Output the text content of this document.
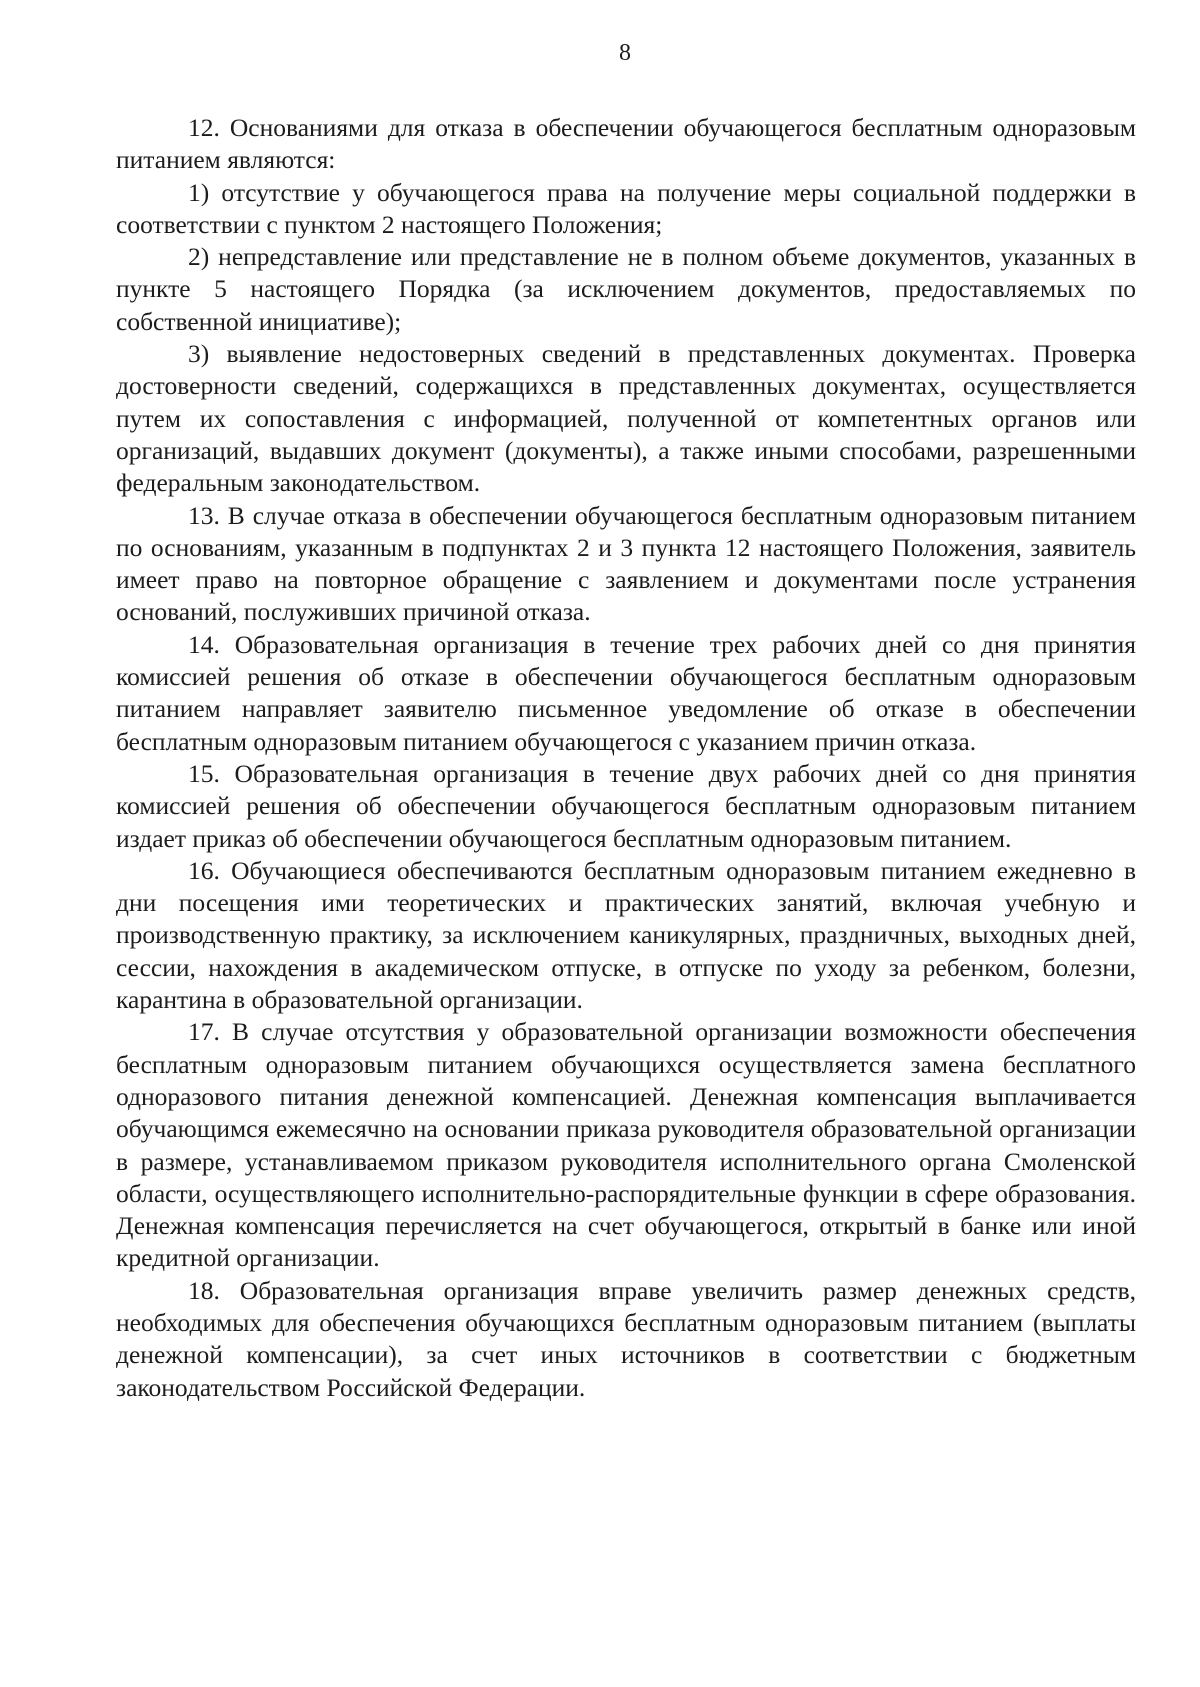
8

12. Основаниями для отказа в обеспечении обучающегося бесплатным одноразовым питанием являются:

1) отсутствие у обучающегося права на получение меры социальной поддержки в соответствии с пунктом 2 настоящего Положения;

2) непредставление или представление не в полном объеме документов, указанных в пункте 5 настоящего Порядка (за исключением документов, предоставляемых по собственной инициативе);

3) выявление недостоверных сведений в представленных документах. Проверка достоверности сведений, содержащихся в представленных документах, осуществляется путем их сопоставления с информацией, полученной от компетентных органов или организаций, выдавших документ (документы), а также иными способами, разрешенными федеральным законодательством.

13. В случае отказа в обеспечении обучающегося бесплатным одноразовым питанием по основаниям, указанным в подпунктах 2 и 3 пункта 12 настоящего Положения, заявитель имеет право на повторное обращение с заявлением и документами после устранения оснований, послуживших причиной отказа.

14. Образовательная организация в течение трех рабочих дней со дня принятия комиссией решения об отказе в обеспечении обучающегося бесплатным одноразовым питанием направляет заявителю письменное уведомление об отказе в обеспечении бесплатным одноразовым питанием обучающегося с указанием причин отказа.

15. Образовательная организация в течение двух рабочих дней со дня принятия комиссией решения об обеспечении обучающегося бесплатным одноразовым питанием издает приказ об обеспечении обучающегося бесплатным одноразовым питанием.

16. Обучающиеся обеспечиваются бесплатным одноразовым питанием ежедневно в дни посещения ими теоретических и практических занятий, включая учебную и производственную практику, за исключением каникулярных, праздничных, выходных дней, сессии, нахождения в академическом отпуске, в отпуске по уходу за ребенком, болезни, карантина в образовательной организации.

17. В случае отсутствия у образовательной организации возможности обеспечения бесплатным одноразовым питанием обучающихся осуществляется замена бесплатного одноразового питания денежной компенсацией. Денежная компенсация выплачивается обучающимся ежемесячно на основании приказа руководителя образовательной организации в размере, устанавливаемом приказом руководителя исполнительного органа Смоленской области, осуществляющего исполнительно-распорядительные функции в сфере образования. Денежная компенсация перечисляется на счет обучающегося, открытый в банке или иной кредитной организации.

18. Образовательная организация вправе увеличить размер денежных средств, необходимых для обеспечения обучающихся бесплатным одноразовым питанием (выплаты денежной компенсации), за счет иных источников в соответствии с бюджетным законодательством Российской Федерации.
